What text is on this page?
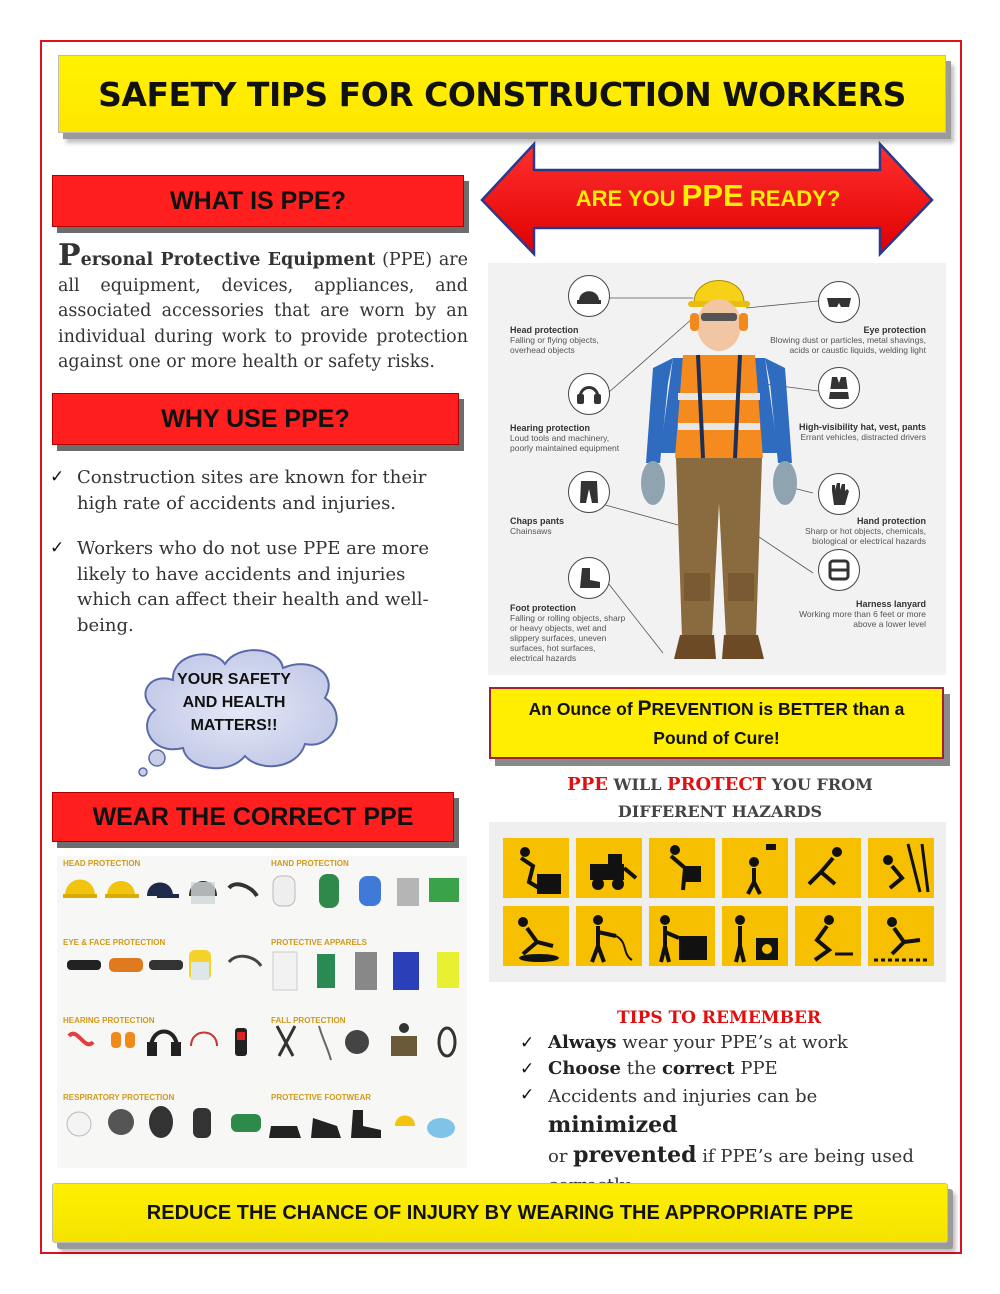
SAFETY TIPS FOR CONSTRUCTION WORKERS
WHAT IS PPE?	ARE YOU PPE READY?
Personal Protective Equipment (PPE) are all equipment, devices, appliances, and associated accessories that are worn by an individual during work to provide protection against one or more health or safety risks.
WHY USE PPE?
✓ Construction sites are known for their high rate of accidents and injuries.
✓ Workers who do not use PPE are more likely to have accidents and injuries which can affect their health and well-being.
YOUR SAFETY
AND HEALTH
MATTERS!!
Head protection
Falling or flying objects, overhead objects
Hearing protection
Loud tools and machinery, poorly maintained equipment
Chaps pants
Chainsaws
Foot protection
Falling or rolling objects, sharp or heavy objects, wet and slippery surfaces, uneven surfaces, hot surfaces, electrical hazards
Eye protection
Blowing dust or particles, metal shavings, acids or caustic liquids, welding light
High-visibility hat, vest, pants
Errant vehicles, distracted drivers
Hand protection
Sharp or hot objects, chemicals, biological or electrical hazards
Harness lanyard
Working more than 6 feet or more above a lower level
An Ounce of PREVENTION is BETTER than a
Pound of Cure!
PPE WILL PROTECT YOU FROM
DIFFERENT HAZARDS
WEAR THE CORRECT PPE
HEAD PROTECTION	HAND PROTECTION
EYE & FACE PROTECTION	PROTECTIVE APPARELS
HEARING PROTECTION	FALL PROTECTION
RESPIRATORY PROTECTION	PROTECTIVE FOOTWEAR
TIPS TO REMEMBER
✓ Always wear your PPE’s at work
✓ Choose the correct PPE
✓ Accidents and injuries can be minimized
or prevented if PPE’s are being used
REDUCE THE CHANCE OF INJURY BY WEARING THE APPROPRIATE PPE
